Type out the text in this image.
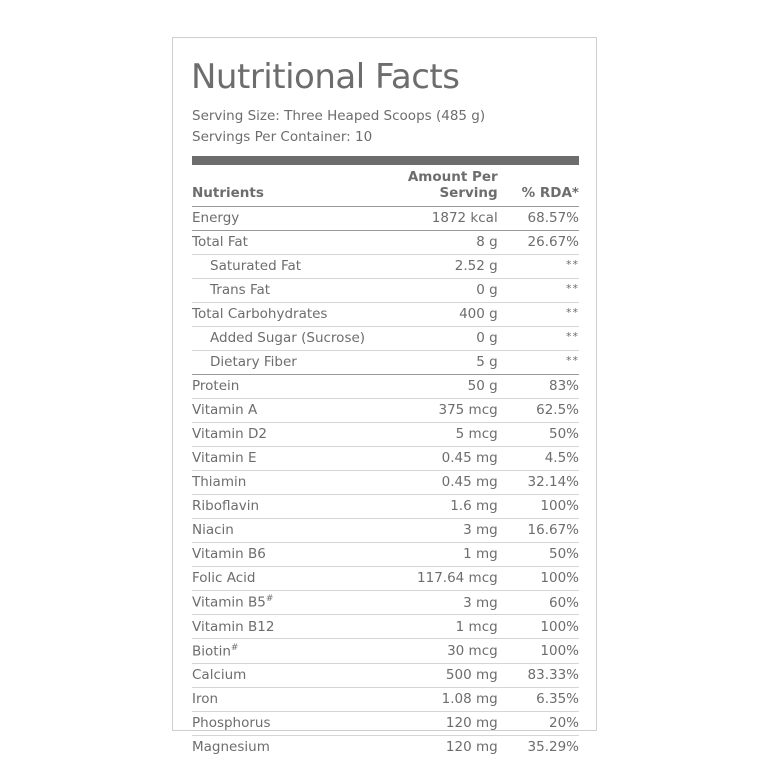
Nutritional Facts
Serving Size: Three Heaped Scoops (485 g)
Servings Per Container: 10
Nutrients	Amount Per Serving	% RDA*
Energy	1872 kcal	68.57%
Total Fat	8 g	26.67%
Saturated Fat	2.52 g	**
Trans Fat	0 g	**
Total Carbohydrates	400 g	**
Added Sugar (Sucrose)	0 g	**
Dietary Fiber	5 g	**
Protein	50 g	83%
Vitamin A	375 mcg	62.5%
Vitamin D2	5 mcg	50%
Vitamin E	0.45 mg	4.5%
Thiamin	0.45 mg	32.14%
Riboflavin	1.6 mg	100%
Niacin	3 mg	16.67%
Vitamin B6	1 mg	50%
Folic Acid	117.64 mcg	100%
Vitamin B5#	3 mg	60%
Vitamin B12	1 mcg	100%
Biotin#	30 mcg	100%
Calcium	500 mg	83.33%
Iron	1.08 mg	6.35%
Phosphorus	120 mg	20%
Magnesium	120 mg	35.29%
